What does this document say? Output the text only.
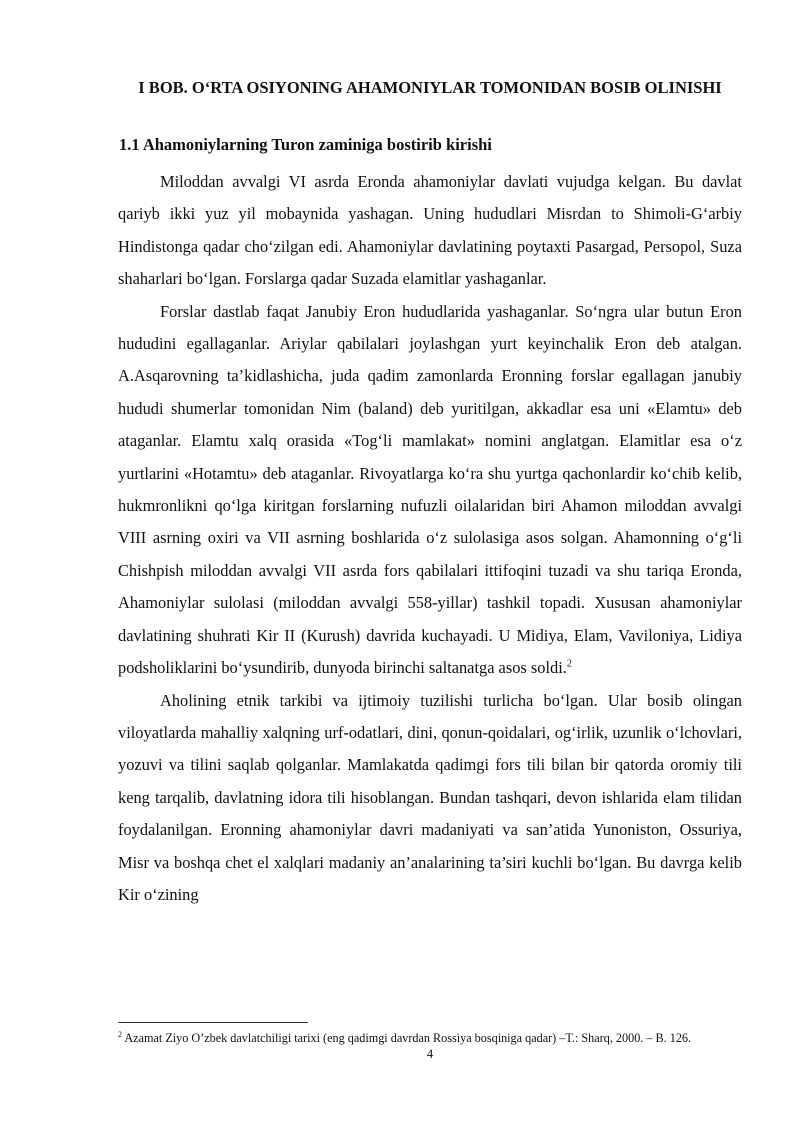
I BOB. O‘RTA OSIYONING AHAMONIYLAR TOMONIDAN BOSIB OLINISHI
1.1 Ahamoniylarning Turon zaminiga bostirib kirishi

Miloddan avvalgi VI asrda Eronda ahamoniylar davlati vujudga kelgan. Bu davlat qariyb ikki yuz yil mobaynida yashagan. Uning hududlari Misrdan to Shimoli-G‘arbiy Hindistonga qadar cho‘zilgan edi. Ahamoniylar davlatining poytaxti Pasargad, Persopol, Suza shaharlari bo‘lgan. Forslarga qadar Suzada elamitlar yashaganlar.

Forslar dastlab faqat Janubiy Eron hududlarida yashaganlar. So‘ngra ular butun Eron hududini egallaganlar. Ariylar qabilalari joylashgan yurt keyinchalik Eron deb atalgan. A.Asqarovning ta’kidlashicha, juda qadim zamonlarda Eronning forslar egallagan janubiy hududi shumerlar tomonidan Nim (baland) deb yuritilgan, akkadlar esa uni «Elamtu» deb ataganlar. Elamtu xalq orasida «Tog‘li mamlakat» nomini anglatgan. Elamitlar esa o‘z yurtlarini «Hotamtu» deb ataganlar. Rivoyatlarga ko‘ra shu yurtga qachonlardir ko‘chib kelib, hukmronlikni qo‘lga kiritgan forslarning nufuzli oilalaridan biri Ahamon miloddan avvalgi VIII asrning oxiri va VII asrning boshlarida o‘z sulolasiga asos solgan. Ahamonning o‘g‘li Chishpish miloddan avvalgi VII asrda fors qabilalari ittifoqini tuzadi va shu tariqa Eronda, Ahamoniylar sulolasi (miloddan avvalgi 558-yillar) tashkil topadi. Xususan ahamoniylar davlatining shuhrati Kir II (Kurush) davrida kuchayadi. U Midiya, Elam, Vaviloniya, Lidiya podsholiklarini bo‘ysundirib, dunyoda birinchi saltanatga asos soldi.$^2$

Aholining etnik tarkibi va ijtimoiy tuzilishi turlicha bo‘lgan. Ular bosib olingan viloyatlarda mahalliy xalqning urf-odatlari, dini, qonun-qoidalari, og‘irlik, uzunlik o‘lchovlari, yozuvi va tilini saqlab qolganlar. Mamlakatda qadimgi fors tili bilan bir qatorda oromiy tili keng tarqalib, davlatning idora tili hisoblangan. Bundan tashqari, devon ishlarida elam tilidan foydalanilgan. Eronning ahamoniylar davri madaniyati va san’atida Yunoniston, Ossuriya, Misr va boshqa chet el xalqlari madaniy an’analarining ta’siri kuchli bo‘lgan. Bu davrga kelib Kir o‘zining

$^2$ Azamat Ziyo O’zbek davlatchiligi tarixi (eng qadimgi davrdan Rossiya bosqiniga qadar) –T.: Sharq, 2000. – B. 126.

4
